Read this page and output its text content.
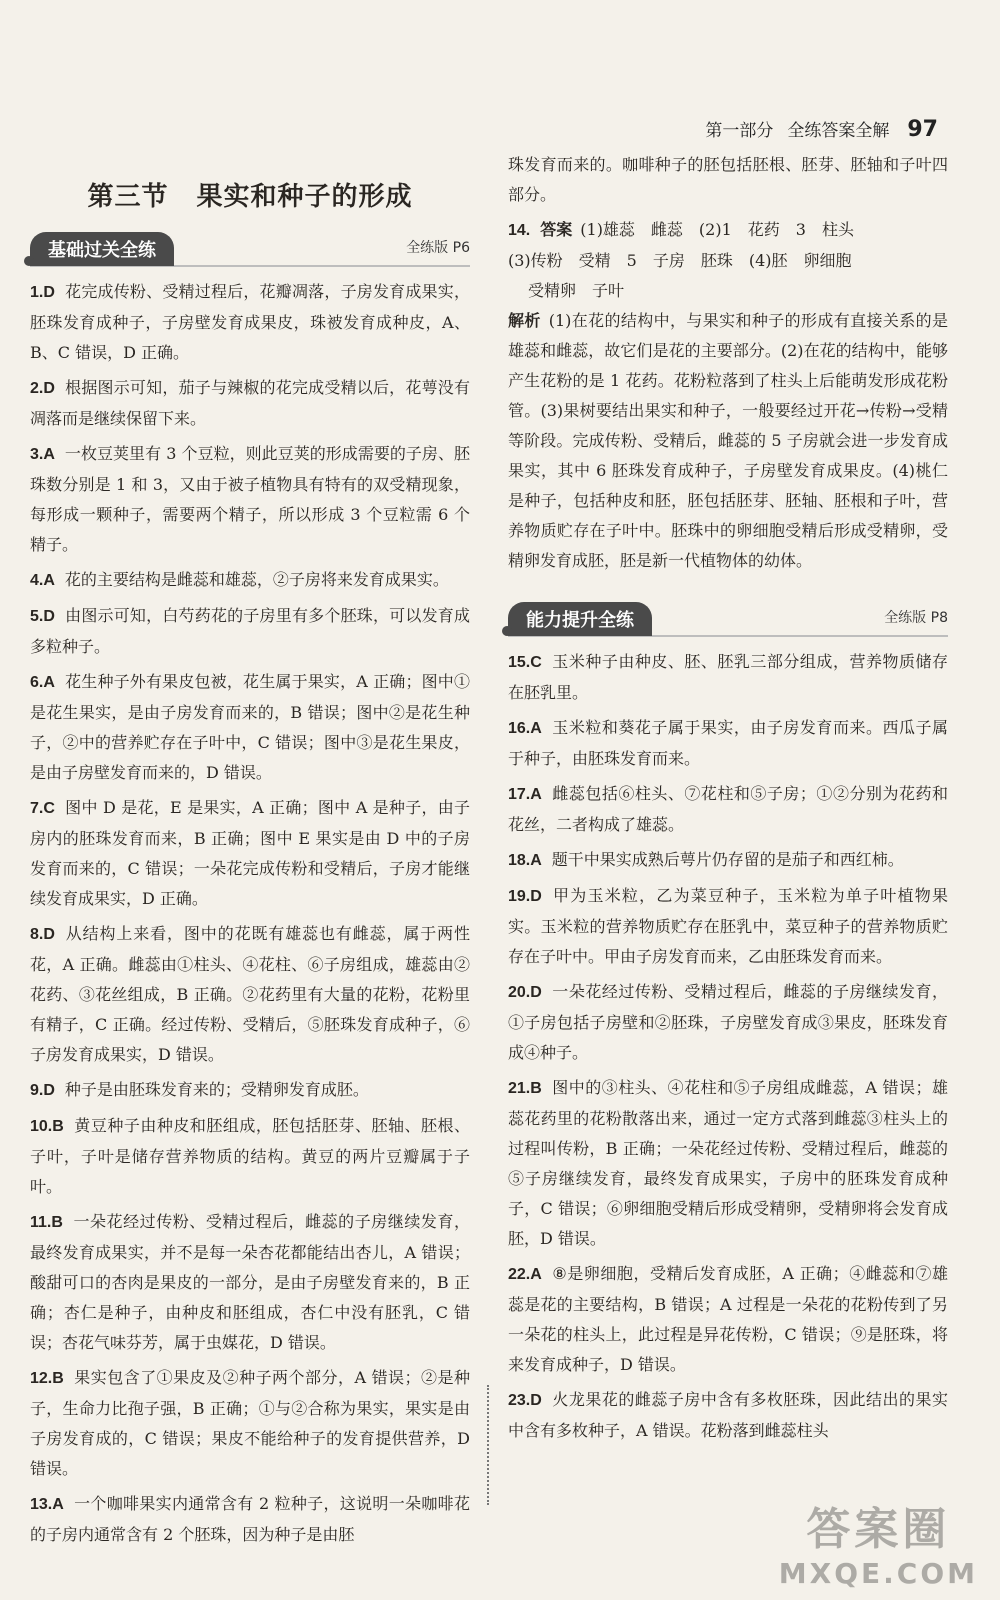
第一部分 全练答案全解 97
第三节 果实和种子的形成
基础过关全练	全练版 P6
1.D 花完成传粉、受精过程后，花瓣凋落，子房发育成果实，胚珠发育成种子，子房壁发育成果皮，珠被发育成种皮，A、B、C 错误，D 正确。
2.D 根据图示可知，茄子与辣椒的花完成受精以后，花萼没有凋落而是继续保留下来。
3.A 一枚豆荚里有 3 个豆粒，则此豆荚的形成需要的子房、胚珠数分别是 1 和 3，又由于被子植物具有特有的双受精现象，每形成一颗种子，需要两个精子，所以形成 3 个豆粒需 6 个精子。
4.A 花的主要结构是雌蕊和雄蕊，②子房将来发育成果实。
5.D 由图示可知，白芍药花的子房里有多个胚珠，可以发育成多粒种子。
6.A 花生种子外有果皮包被，花生属于果实，A 正确；图中①是花生果实，是由子房发育而来的，B 错误；图中②是花生种子，②中的营养贮存在子叶中，C 错误；图中③是花生果皮，是由子房壁发育而来的，D 错误。
7.C 图中 D 是花，E 是果实，A 正确；图中 A 是种子，由子房内的胚珠发育而来，B 正确；图中 E 果实是由 D 中的子房发育而来的，C 错误；一朵花完成传粉和受精后，子房才能继续发育成果实，D 正确。
8.D 从结构上来看，图中的花既有雄蕊也有雌蕊，属于两性花，A 正确。雌蕊由①柱头、④花柱、⑥子房组成，雄蕊由②花药、③花丝组成，B 正确。②花药里有大量的花粉，花粉里有精子，C 正确。经过传粉、受精后，⑤胚珠发育成种子，⑥子房发育成果实，D 错误。
9.D 种子是由胚珠发育来的；受精卵发育成胚。
10.B 黄豆种子由种皮和胚组成，胚包括胚芽、胚轴、胚根、子叶，子叶是储存营养物质的结构。黄豆的两片豆瓣属于子叶。
11.B 一朵花经过传粉、受精过程后，雌蕊的子房继续发育，最终发育成果实，并不是每一朵杏花都能结出杏儿，A 错误；酸甜可口的杏肉是果皮的一部分，是由子房壁发育来的，B 正确；杏仁是种子，由种皮和胚组成，杏仁中没有胚乳，C 错误；杏花气味芬芳，属于虫媒花，D 错误。
12.B 果实包含了①果皮及②种子两个部分，A 错误；②是种子，生命力比孢子强，B 正确；①与②合称为果实，果实是由子房发育成的，C 错误；果皮不能给种子的发育提供营养，D 错误。
13.A 一个咖啡果实内通常含有 2 粒种子，这说明一朵咖啡花的子房内通常含有 2 个胚珠，因为种子是由胚
珠发育而来的。咖啡种子的胚包括胚根、胚芽、胚轴和子叶四部分。
14. 答案 (1)雄蕊　雌蕊　(2)1　花药　3　柱头
(3)传粉　受精　5　子房　胚珠　(4)胚　卵细胞
受精卵　子叶
解析 (1)在花的结构中，与果实和种子的形成有直接关系的是雄蕊和雌蕊，故它们是花的主要部分。(2)在花的结构中，能够产生花粉的是 1 花药。花粉粒落到了柱头上后能萌发形成花粉管。(3)果树要结出果实和种子，一般要经过开花→传粉→受精等阶段。完成传粉、受精后，雌蕊的 5 子房就会进一步发育成果实，其中 6 胚珠发育成种子，子房壁发育成果皮。(4)桃仁是种子，包括种皮和胚，胚包括胚芽、胚轴、胚根和子叶，营养物质贮存在子叶中。胚珠中的卵细胞受精后形成受精卵，受精卵发育成胚，胚是新一代植物体的幼体。
能力提升全练	全练版 P8
15.C 玉米种子由种皮、胚、胚乳三部分组成，营养物质储存在胚乳里。
16.A 玉米粒和葵花子属于果实，由子房发育而来。西瓜子属于种子，由胚珠发育而来。
17.A 雌蕊包括⑥柱头、⑦花柱和⑤子房；①②分别为花药和花丝，二者构成了雄蕊。
18.A 题干中果实成熟后萼片仍存留的是茄子和西红柿。
19.D 甲为玉米粒，乙为菜豆种子，玉米粒为单子叶植物果实。玉米粒的营养物质贮存在胚乳中，菜豆种子的营养物质贮存在子叶中。甲由子房发育而来，乙由胚珠发育而来。
20.D 一朵花经过传粉、受精过程后，雌蕊的子房继续发育，①子房包括子房壁和②胚珠，子房壁发育成③果皮，胚珠发育成④种子。
21.B 图中的③柱头、④花柱和⑤子房组成雌蕊，A 错误；雄蕊花药里的花粉散落出来，通过一定方式落到雌蕊③柱头上的过程叫传粉，B 正确；一朵花经过传粉、受精过程后，雌蕊的⑤子房继续发育，最终发育成果实，子房中的胚珠发育成种子，C 错误；⑥卵细胞受精后形成受精卵，受精卵将会发育成胚，D 错误。
22.A ⑧是卵细胞，受精后发育成胚，A 正确；④雌蕊和⑦雄蕊是花的主要结构，B 错误；A 过程是一朵花的花粉传到了另一朵花的柱头上，此过程是异花传粉，C 错误；⑨是胚珠，将来发育成种子，D 错误。
23.D 火龙果花的雌蕊子房中含有多枚胚珠，因此结出的果实中含有多枚种子，A 错误。花粉落到雌蕊柱头
答案圈
MXQE.COM
